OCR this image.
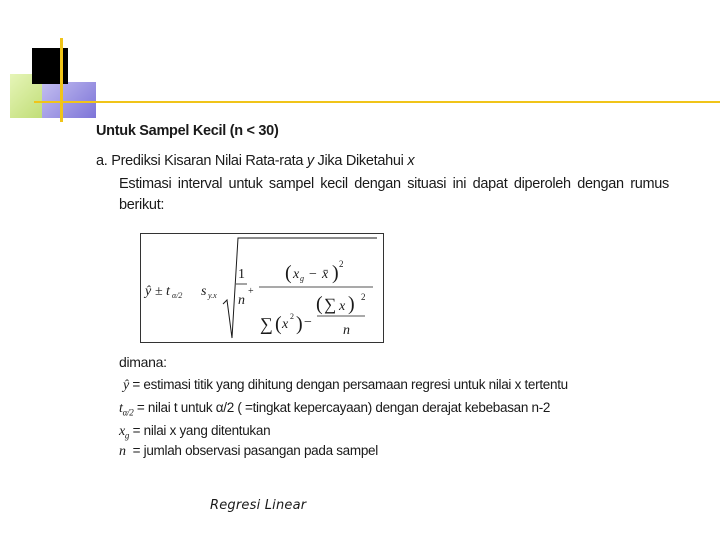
Untuk Sampel Kecil (n < 30)
a. Prediksi Kisaran Nilai Rata-rata y Jika Diketahui x
Estimasi interval untuk sampel kecil dengan situasi ini dapat diperoleh dengan rumus berikut:
ŷ ± t α/2 s y.x
1
n
+
( x g − x̄ ) 2
∑ ( x
2 ) −
( ∑ x ) 2
n
dimana:
ŷ = estimasi titik yang dihitung dengan persamaan regresi untuk nilai x tertentu
$t_{\alpha/2}$ = nilai t untuk α/2 ( =tingkat kepercayaan) dengan derajat kebebasan n-2
$x_g$ = nilai x yang ditentukan
n = jumlah observasi pasangan pada sampel
Regresi Linear
